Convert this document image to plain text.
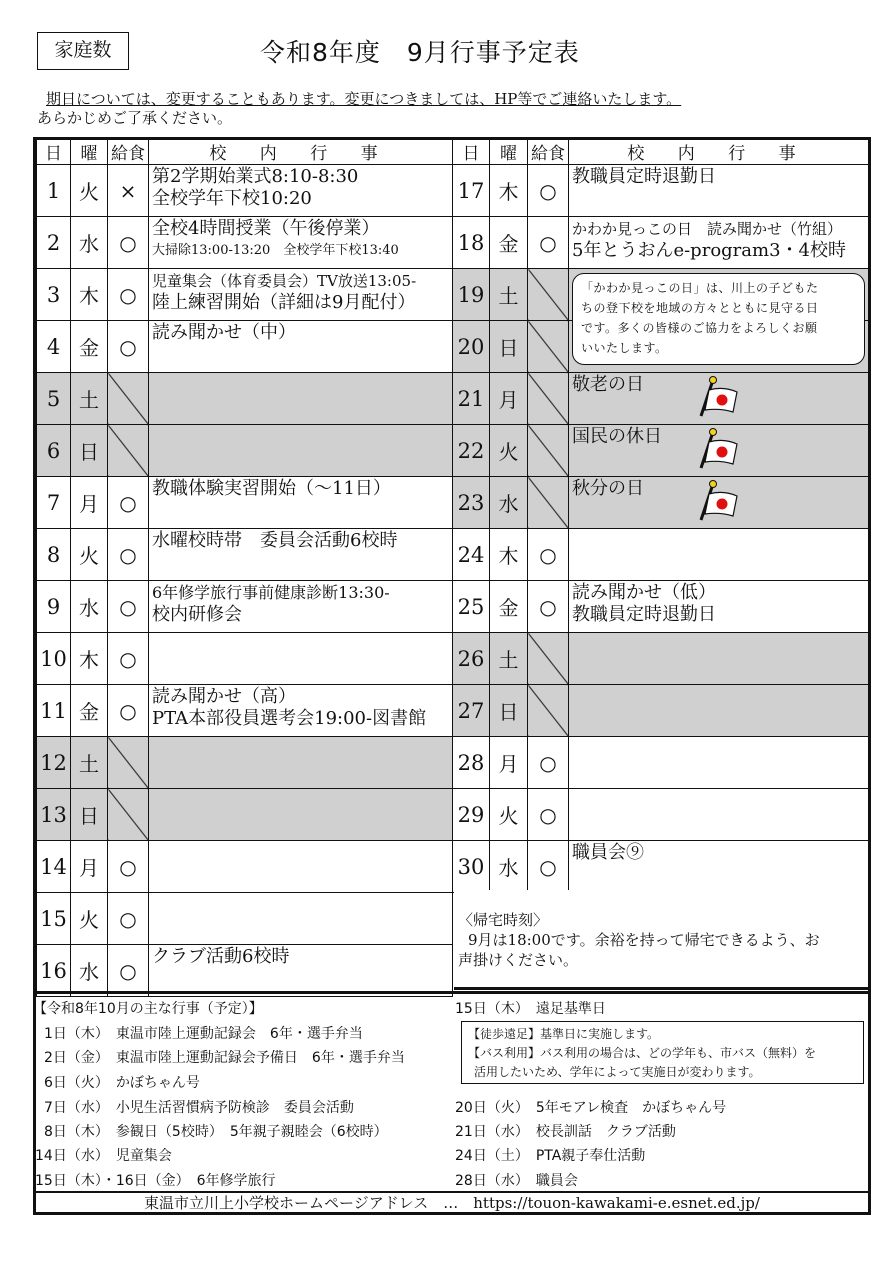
家庭数	令和8年度　9月行事予定表
期日については、変更することもあります。変更につきましては、HP等でご連絡いたします。
あらかじめご了承ください。
日	曜	給食	校 内 行 事
1	火	×	第2学期始業式8:10-8:30
全校学年下校10:20

2	水	○	全校4時間授業（午後停業）
大掃除13:00-13:20　全校学年下校13:40

3	木	○	児童集会（体育委員会）TV放送13:05-
陸上練習開始（詳細は9月配付）

4	金	○	読み聞かせ（中）

5	土		
6	日		
7	月	○	教職体験実習開始（～11日）

8	火	○	水曜校時帯　委員会活動6校時

9	水	○	6年修学旅行事前健康診断13:30-
校内研修会

10	木	○	
11	金	○	読み聞かせ（高）
PTA本部役員選考会19:00-図書館

12	土		
13	日		
14	月	○	
15	火	○	
16	水	○	クラブ活動6校時
日	曜	給食	校 内 行 事
17	木	○	教職員定時退勤日

18	金	○	かわか見っこの日　読み聞かせ（竹組）
5年とうおんe-program3・4校時

19	土		
20	日		
21	月		敬老の日

22	火		国民の休日

23	水		秋分の日

24	木	○	
25	金	○	読み聞かせ（低）
教職員定時退勤日

26	土		
27	日		
28	月	○	
29	火	○	
30	水	○	職員会⑨
「かわか見っこの日」は、川上の子どもた
ちの登下校を地域の方々とともに見守る日
です。多くの皆様のご協力をよろしくお願
いいたします。
〈帰宅時刻〉
9月は18:00です。余裕を持って帰宅できるよう、お
声掛けください。
【令和8年10月の主な行事（予定）】
1日（木）　東温市陸上運動記録会　6年・選手弁当
2日（金）　東温市陸上運動記録会予備日　6年・選手弁当
6日（火）　かぼちゃん号
7日（水）　小児生活習慣病予防検診　委員会活動
8日（木）　参観日（5校時）　5年親子親睦会（6校時）
14日（水）　児童集会
15日（木）・16日（金）　6年修学旅行
15日（木）　遠足基準日
20日（火）　5年モアレ検査　かぼちゃん号
21日（水）　校長訓話　クラブ活動
24日（土）　PTA親子奉仕活動
28日（水）　職員会
【徒歩遠足】基準日に実施します。
【バス利用】バス利用の場合は、どの学年も、市バス（無料）を
活用したいため、学年によって実施日が変わります。
東温市立川上小学校ホームページアドレス　…　https://touon-kawakami-e.esnet.ed.jp/
